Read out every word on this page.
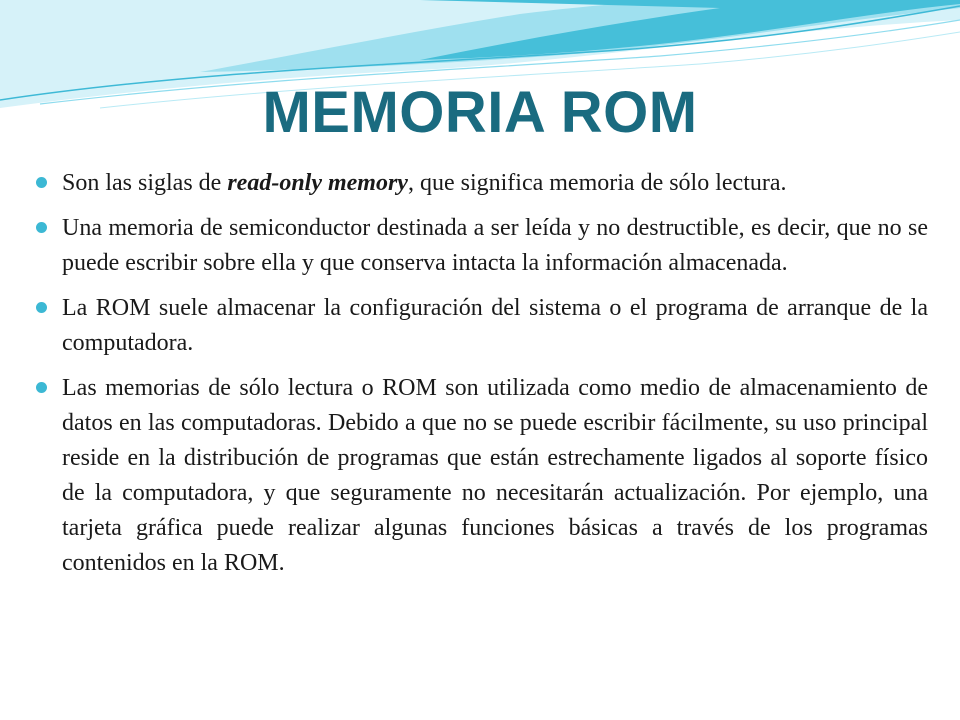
MEMORIA ROM
Son las siglas de read-only memory, que significa memoria de sólo lectura.
Una memoria de semiconductor destinada a ser leída y no destructible, es decir, que no se puede escribir sobre ella y que conserva intacta la información almacenada.
La ROM suele almacenar la configuración del sistema o el programa de arranque de la computadora.
Las memorias de sólo lectura o ROM son utilizada como medio de almacenamiento de datos en las computadoras. Debido a que no se puede escribir fácilmente, su uso principal reside en la distribución de programas que están estrechamente ligados al soporte físico de la computadora, y que seguramente no necesitarán actualización. Por ejemplo, una tarjeta gráfica puede realizar algunas funciones básicas a través de los programas contenidos en la ROM.
